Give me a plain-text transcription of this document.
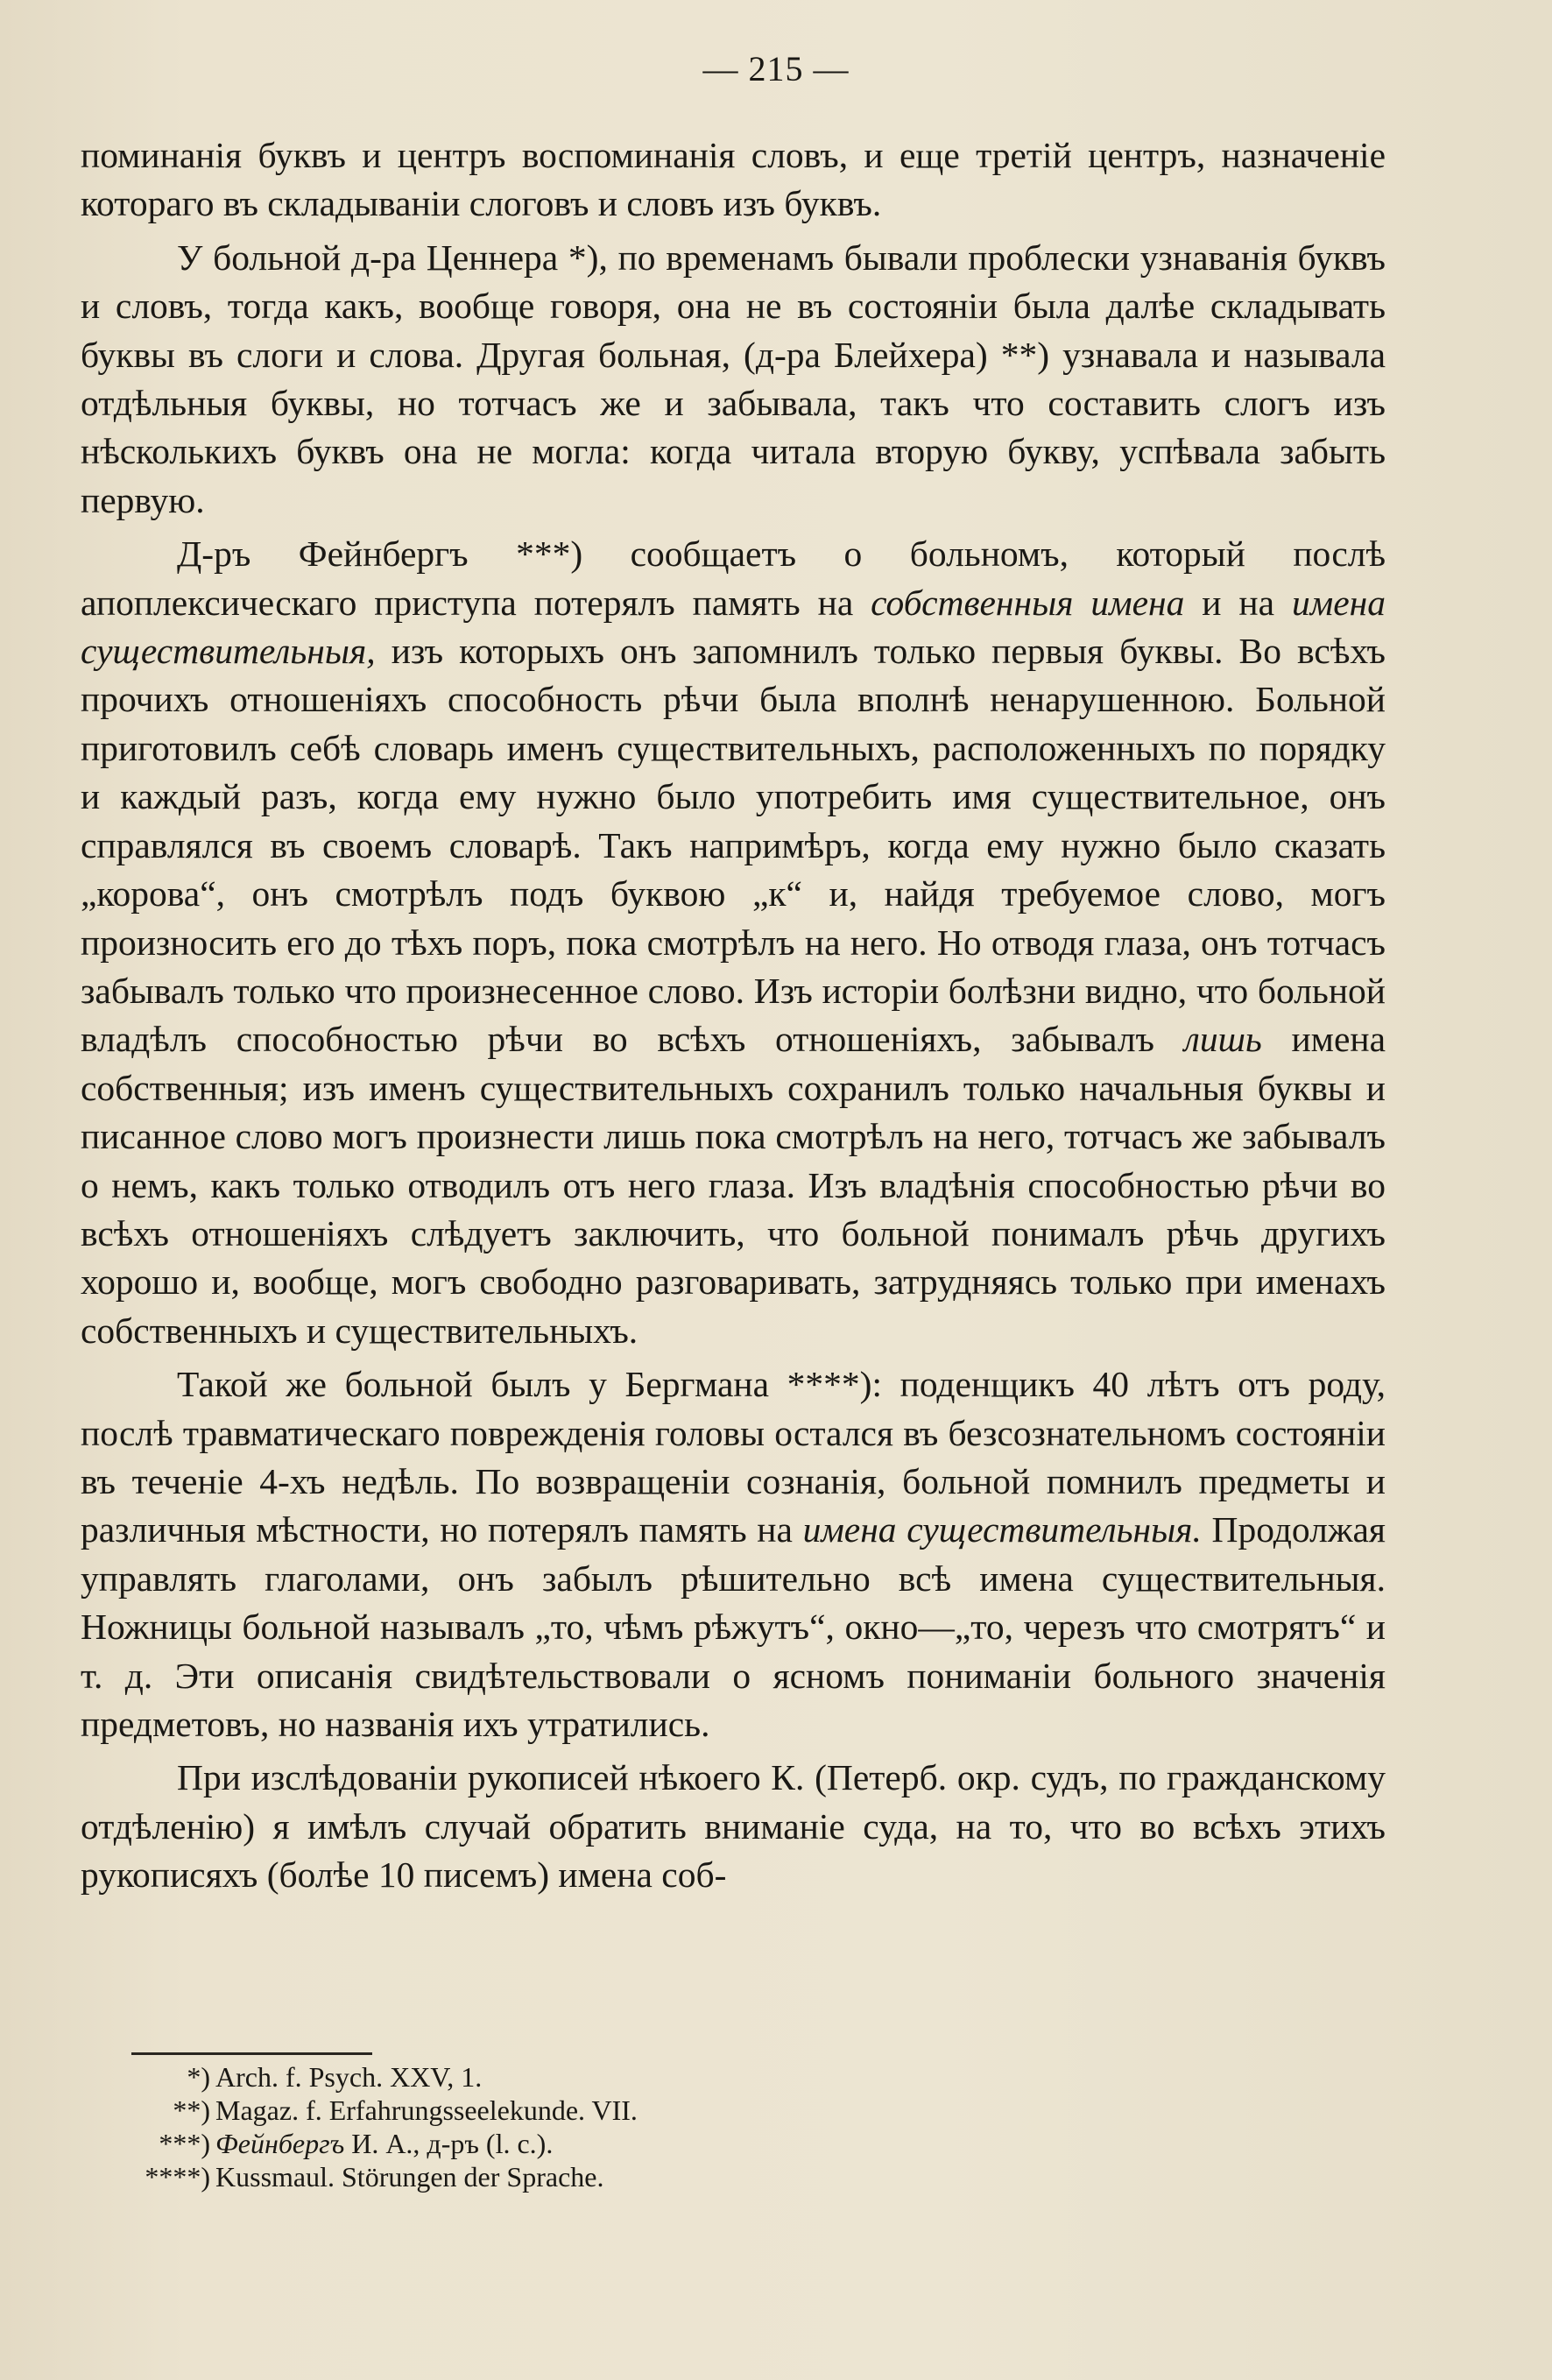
— 215 —

поминанія буквъ и центръ воспоминанія словъ, и еще третій центръ, назначеніе котораго въ складываніи слоговъ и словъ изъ буквъ.

У больной д-ра Ценнера *), по временамъ бывали проблески узнаванія буквъ и словъ, тогда какъ, вообще говоря, она не въ состояніи была далѣе складывать буквы въ слоги и слова. Другая больная, (д-ра Блейхера) **) узнавала и называла отдѣльныя буквы, но тотчасъ же и забывала, такъ что составить слогъ изъ нѣсколькихъ буквъ она не могла: когда читала вторую букву, успѣвала забыть первую.

Д-ръ Фейнбергъ ***) сообщаетъ о больномъ, который послѣ апоплексическаго приступа потерялъ память на собственныя имена и на имена существительныя, изъ которыхъ онъ запомнилъ только первыя буквы. Во всѣхъ прочихъ отношеніяхъ способность рѣчи была вполнѣ ненарушенною. Больной приготовилъ себѣ словарь именъ существительныхъ, расположенныхъ по порядку и каждый разъ, когда ему нужно было употребить имя существительное, онъ справлялся въ своемъ словарѣ. Такъ напримѣръ, когда ему нужно было сказать „корова“, онъ смотрѣлъ подъ буквою „к“ и, найдя требуемое слово, могъ произносить его до тѣхъ поръ, пока смотрѣлъ на него. Но отводя глаза, онъ тотчасъ забывалъ только что произнесенное слово. Изъ исторіи болѣзни видно, что больной владѣлъ способностью рѣчи во всѣхъ отношеніяхъ, забывалъ лишь имена собственныя; изъ именъ существительныхъ сохранилъ только начальныя буквы и писанное слово могъ произнести лишь пока смотрѣлъ на него, тотчасъ же забывалъ о немъ, какъ только отводилъ отъ него глаза. Изъ владѣнія способностью рѣчи во всѣхъ отношеніяхъ слѣдуетъ заключить, что больной понималъ рѣчь другихъ хорошо и, вообще, могъ свободно разговаривать, затрудняясь только при именахъ собственныхъ и существительныхъ.

Такой же больной былъ у Бергмана ****): поденщикъ 40 лѣтъ отъ роду, послѣ травматическаго поврежденія головы остался въ безсознательномъ состояніи въ теченіе 4-хъ недѣль. По возвращеніи сознанія, больной помнилъ предметы и различныя мѣстности, но потерялъ память на имена существительныя. Продолжая управлять глаголами, онъ забылъ рѣшительно всѣ имена существительныя. Ножницы больной называлъ „то, чѣмъ рѣжутъ“, окно—„то, черезъ что смотрятъ“ и т. д. Эти описанія свидѣтельствовали о ясномъ пониманіи больного значенія предметовъ, но названія ихъ утратились.

При изслѣдованіи рукописей нѣкоего К. (Петерб. окр. судъ, по гражданскому отдѣленію) я имѣлъ случай обратить вниманіе суда, на то, что во всѣхъ этихъ рукописяхъ (болѣе 10 писемъ) имена соб-

*) Arch. f. Psych. XXV, 1.
**) Magaz. f. Erfahrungsseelekunde. VII.
***) Фейнбергъ И. А., д-ръ (l. c.).
****) Kussmaul. Störungen der Sprache.
